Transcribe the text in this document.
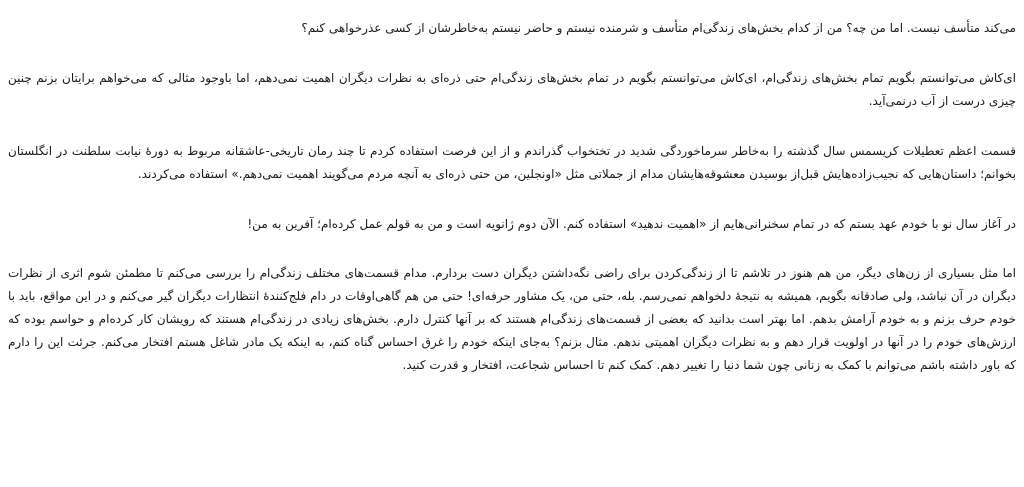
می‌کند متأسف نیست. اما من چه؟ من از کدام بخش‌های زندگی‌ام متأسف و شرمنده نیستم و حاضر نیستم به‌خاطرشان از کسی عذرخواهی کنم؟

ای‌کاش می‌توانستم بگویم تمام بخش‌های زندگی‌ام، ای‌کاش می‌توانستم بگویم در تمام بخش‌های زندگی‌ام حتی ذره‌ای به نظرات دیگران اهمیت نمی‌دهم، اما باوجود مثالی که می‌خواهم برایتان بزنم چنین چیزی درست از آب درنمی‌آید.

قسمت اعظم تعطیلات کریسمس سال گذشته را به‌خاطر سرماخوردگی شدید در تختخواب گذراندم و از این فرصت استفاده کردم تا چند رمان تاریخی-عاشقانه مربوط به دورهٔ نیابت سلطنت در انگلستان بخوانم؛ داستان‌هایی که نجیب‌زاده‌هایش قبل‌از بوسیدن معشوقه‌هایشان مدام از جملاتی مثل «اونجلین، من حتی ذره‌ای به آنچه مردم می‌گویند اهمیت نمی‌دهم.» استفاده می‌کردند.

در آغاز سال نو با خودم عهد بستم که در تمام سخنرانی‌هایم از «اهمیت ندهید» استفاده کنم. الآن دوم ژانویه است و من به قولم عمل کرده‌ام؛ آفرین به من!

اما مثل بسیاری از زن‌های دیگر، من هم هنوز در تلاشم تا از زندگی‌کردن برای راضی نگه‌داشتن دیگران دست بردارم. مدام قسمت‌های مختلف زندگی‌ام را بررسی می‌کنم تا مطمئن شوم اثری از نظرات دیگران در آن نباشد، ولی صادقانه بگویم، همیشه به نتیجهٔ دلخواهم نمی‌رسم. بله، حتی من، یک مشاور حرفه‌ای! حتی من هم گاهی‌اوقات در دام فلج‌کنندهٔ انتظارات دیگران گیر می‌کنم و در این مواقع، باید با خودم حرف بزنم و به خودم آرامش بدهم. اما بهتر است بدانید که بعضی از قسمت‌های زندگی‌ام هستند که بر آنها کنترل دارم. بخش‌های زیادی در زندگی‌ام هستند که رویشان کار کرده‌ام و حواسم بوده که ارزش‌های خودم را در آنها در اولویت قرار دهم و به نظرات دیگران اهمیتی ندهم. مثال بزنم؟ به‌جای اینکه خودم را غرق احساس گناه کنم، به اینکه یک مادر شاغل هستم افتخار می‌کنم. جرئت این را دارم که باور داشته باشم می‌توانم با کمک به زنانی چون شما دنیا را تغییر دهم. کمک کنم تا احساس شجاعت، افتخار و قدرت کنید.
